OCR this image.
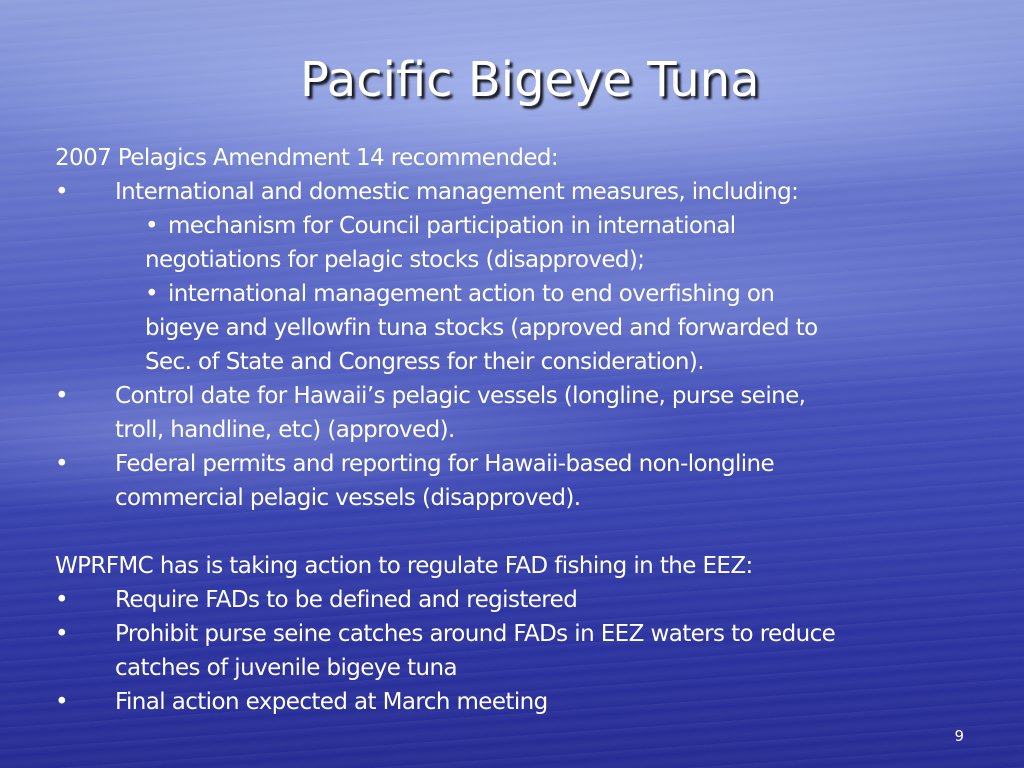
Pacific Bigeye Tuna
2007 Pelagics Amendment 14 recommended:
•	International and domestic management measures, including:
• mechanism for Council participation in international
negotiations for pelagic stocks (disapproved);
• international management action to end overfishing on
bigeye and yellowfin tuna stocks (approved and forwarded to
Sec. of State and Congress for their consideration).
•	Control date for Hawaii’s pelagic vessels (longline, purse seine,
troll, handline, etc) (approved).
•	Federal permits and reporting for Hawaii-based non-longline
commercial pelagic vessels (disapproved).
WPRFMC has is taking action to regulate FAD fishing in the EEZ:
•	Require FADs to be defined and registered
•	Prohibit purse seine catches around FADs in EEZ waters to reduce
catches of juvenile bigeye tuna
•	Final action expected at March meeting
9
